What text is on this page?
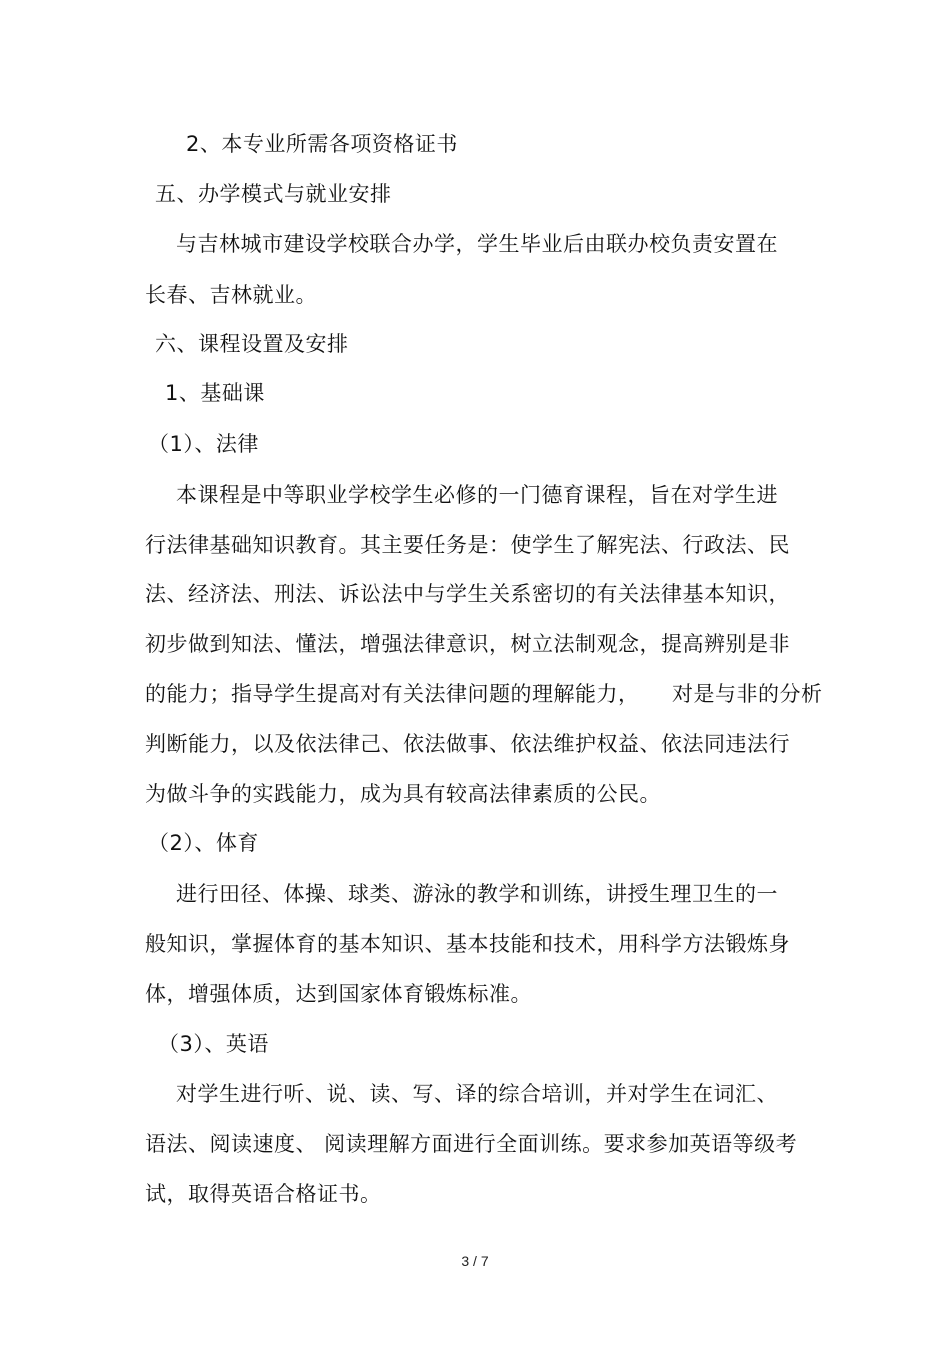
2、本专业所需各项资格证书
五、办学模式与就业安排
与吉林城市建设学校联合办学，学生毕业后由联办校负责安置在
长春、吉林就业。
六、课程设置及安排
1、基础课
（1）、法律
本课程是中等职业学校学生必修的一门德育课程，旨在对学生进
行法律基础知识教育。其主要任务是：使学生了解宪法、行政法、民
法、经济法、刑法、诉讼法中与学生关系密切的有关法律基本知识，
初步做到知法、懂法，增强法律意识，树立法制观念，提高辨别是非
的能力；指导学生提高对有关法律问题的理解能力，　　对是与非的分析
判断能力，以及依法律己、依法做事、依法维护权益、依法同违法行
为做斗争的实践能力，成为具有较高法律素质的公民。
（2）、体育
进行田径、体操、球类、游泳的教学和训练，讲授生理卫生的一
般知识，掌握体育的基本知识、基本技能和技术，用科学方法锻炼身
体，增强体质，达到国家体育锻炼标准。
（3）、英语
对学生进行听、说、读、写、译的综合培训，并对学生在词汇、
语法、阅读速度、 阅读理解方面进行全面训练。要求参加英语等级考
试，取得英语合格证书。
3 / 7
